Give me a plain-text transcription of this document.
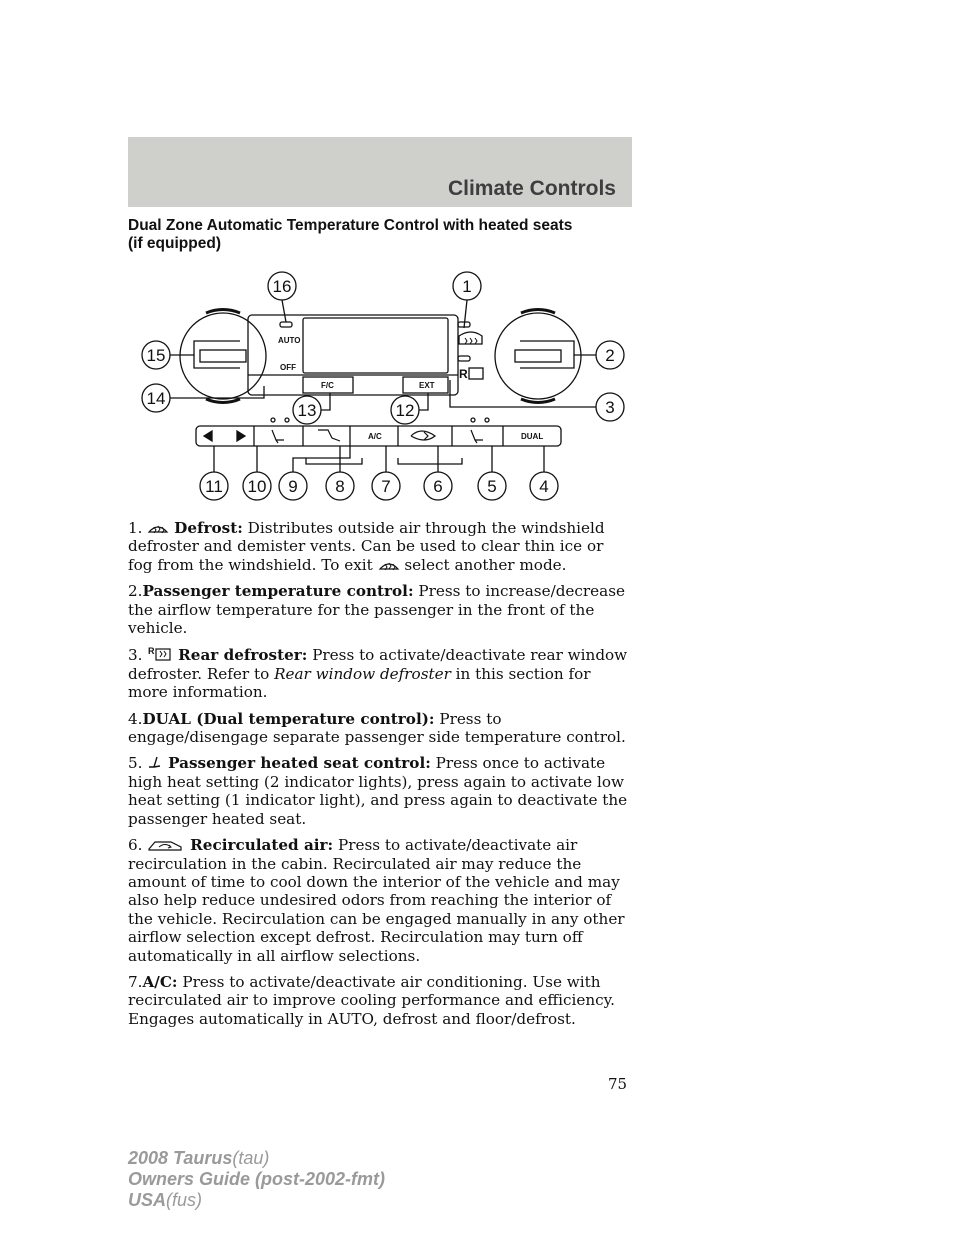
Climate Controls
Dual Zone Automatic Temperature Control with heated seats
(if equipped)
AUTO
OFF
F/C	EXT
A/C	DUAL
R
16	1
15	2
14	3
13	12
11 10 9 8 7	6	5	4

1. Defrost: Distributes outside air through the windshield defroster and demister vents. Can be used to clear thin ice or fog from the windshield. To exit select another mode.

2.Passenger temperature control: Press to increase/decrease the airflow temperature for the passenger in the front of the vehicle.

3. R Rear defroster: Press to activate/deactivate rear window defroster. Refer to Rear window defroster in this section for more information.

4.DUAL (Dual temperature control): Press to engage/disengage separate passenger side temperature control.

5. Passenger heated seat control: Press once to activate high heat setting (2 indicator lights), press again to activate low heat setting (1 indicator light), and press again to deactivate the passenger heated seat.

6.	Recirculated air: Press to activate/deactivate air recirculation in the cabin. Recirculated air may reduce the amount of time to cool down the interior of the vehicle and may also help reduce undesired odors from reaching the interior of the vehicle. Recirculation can be engaged manually in any other airflow selection except defrost. Recirculation may turn off automatically in all airflow selections.

7.A/C: Press to activate/deactivate air conditioning. Use with recirculated air to improve cooling performance and efficiency. Engages automatically in AUTO, defrost and floor/defrost.

75
2008 Taurus(tau)
Owners Guide (post-2002-fmt)
USA(fus)
